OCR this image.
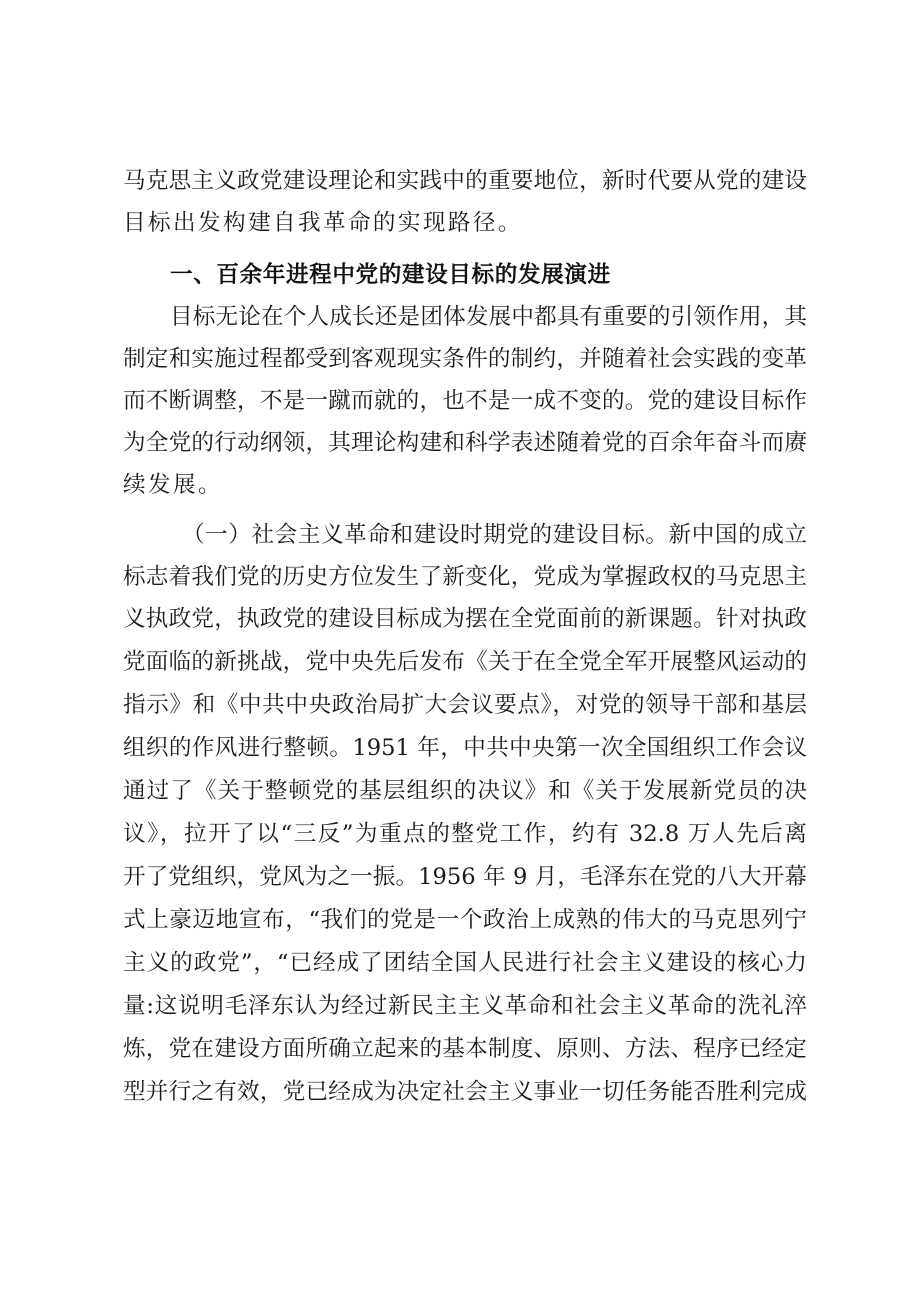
马克思主义政党建设理论和实践中的重要地位，新时代要从党的建设
目标出发构建自我革命的实现路径。
一、百余年进程中党的建设目标的发展演进
目标无论在个人成长还是团体发展中都具有重要的引领作用，其
制定和实施过程都受到客观现实条件的制约，并随着社会实践的变革
而不断调整，不是一蹴而就的，也不是一成不变的。党的建设目标作
为全党的行动纲领，其理论构建和科学表述随着党的百余年奋斗而赓
续发展。
（一）社会主义革命和建设时期党的建设目标。新中国的成立
标志着我们党的历史方位发生了新变化，党成为掌握政权的马克思主
义执政党，执政党的建设目标成为摆在全党面前的新课题。针对执政
党面临的新挑战，党中央先后发布《关于在全党全军开展整风运动的
指示》和《中共中央政治局扩大会议要点》，对党的领导干部和基层
组织的作风进行整顿。1951 年，中共中央第一次全国组织工作会议
通过了《关于整顿党的基层组织的决议》和《关于发展新党员的决
议》，拉开了以“三反”为重点的整党工作，约有 32.8 万人先后离
开了党组织，党风为之一振。1956 年 9 月，毛泽东在党的八大开幕
式上豪迈地宣布，“我们的党是一个政治上成熟的伟大的马克思列宁
主义的政党”，“已经成了团结全国人民进行社会主义建设的核心力
量:这说明毛泽东认为经过新民主主义革命和社会主义革命的洗礼淬
炼，党在建设方面所确立起来的基本制度、原则、方法、程序已经定
型并行之有效，党已经成为决定社会主义事业一切任务能否胜利完成
